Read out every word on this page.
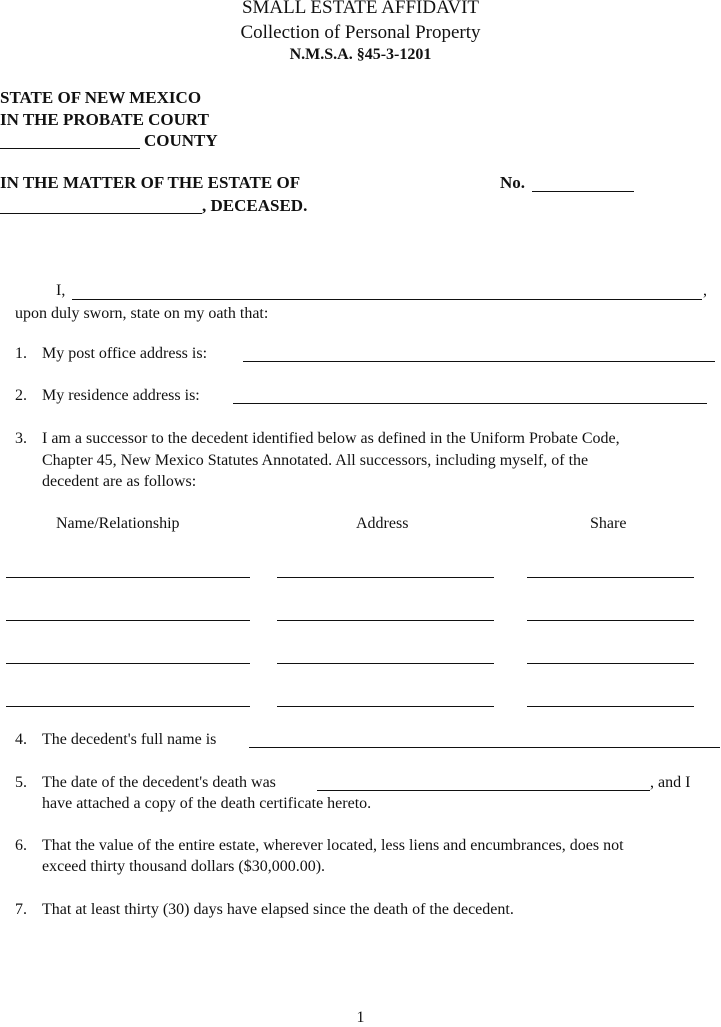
SMALL ESTATE AFFIDAVIT
Collection of Personal Property
N.M.S.A. §45-3-1201
STATE OF NEW MEXICO
IN THE PROBATE COURT
COUNTY
IN THE MATTER OF THE ESTATE OF	No.
, DECEASED.
I,	,
upon duly sworn, state on my oath that:
1. My post office address is:
2. My residence address is:
3. I am a successor to the decedent identified below as defined in the Uniform Probate Code,
Chapter 45, New Mexico Statutes Annotated. All successors, including myself, of the
decedent are as follows:
Name/Relationship	Address	Share
4. The decedent's full name is
5. The date of the decedent's death was	, and I
have attached a copy of the death certificate hereto.
6. That the value of the entire estate, wherever located, less liens and encumbrances, does not
exceed thirty thousand dollars ($30,000.00).
7. That at least thirty (30) days have elapsed since the death of the decedent.
1
